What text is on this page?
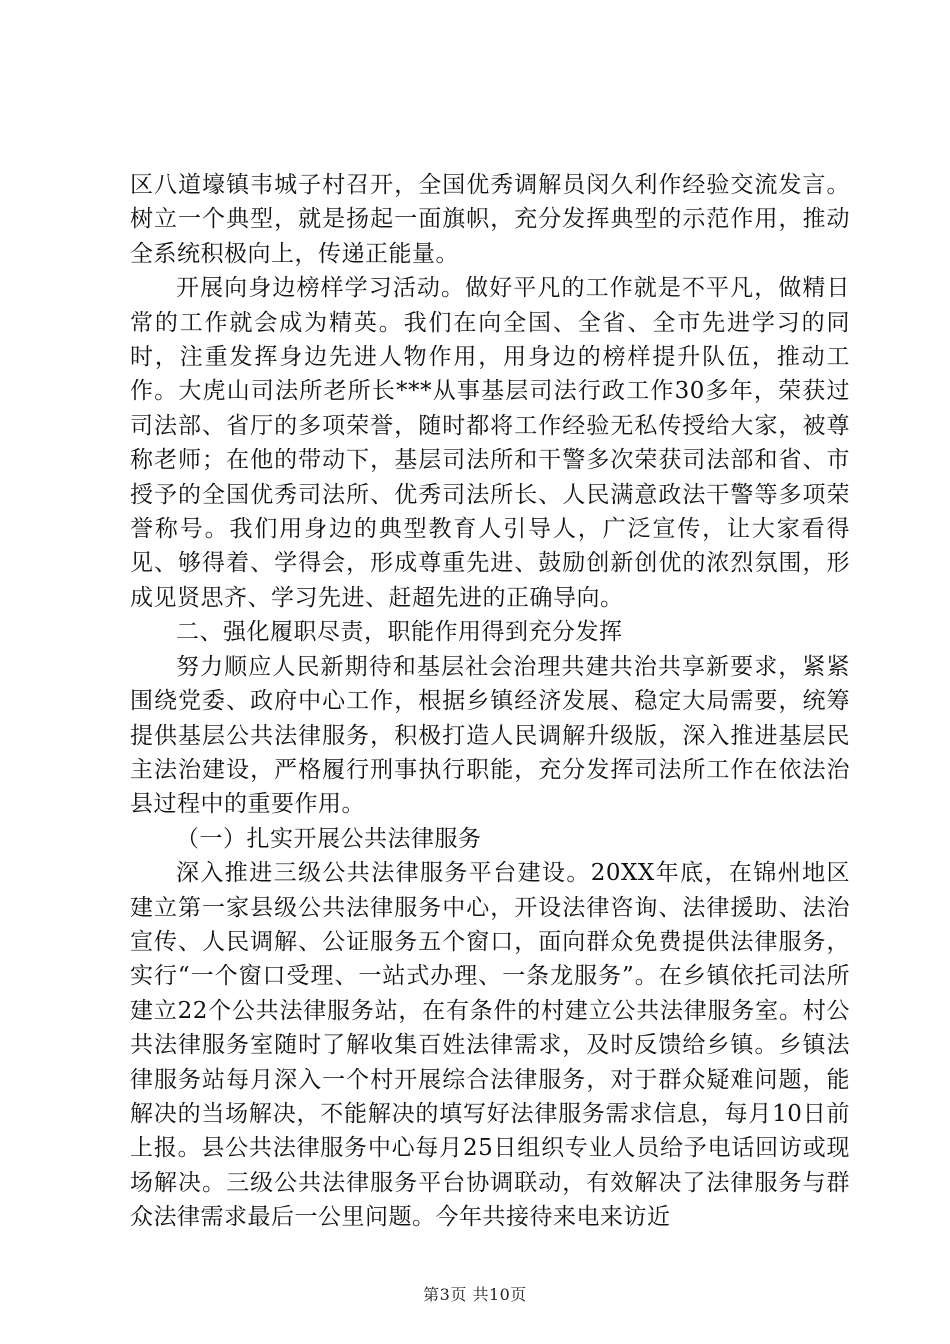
区八道壕镇韦城子村召开，全国优秀调解员闵久利作经验交流发言。树立一个典型，就是扬起一面旗帜，充分发挥典型的示范作用，推动全系统积极向上，传递正能量。

开展向身边榜样学习活动。做好平凡的工作就是不平凡，做精日常的工作就会成为精英。我们在向全国、全省、全市先进学习的同时，注重发挥身边先进人物作用，用身边的榜样提升队伍，推动工作。大虎山司法所老所长***从事基层司法行政工作30多年，荣获过司法部、省厅的多项荣誉，随时都将工作经验无私传授给大家，被尊称老师；在他的带动下，基层司法所和干警多次荣获司法部和省、市授予的全国优秀司法所、优秀司法所长、人民满意政法干警等多项荣誉称号。我们用身边的典型教育人引导人，广泛宣传，让大家看得见、够得着、学得会，形成尊重先进、鼓励创新创优的浓烈氛围，形成见贤思齐、学习先进、赶超先进的正确导向。

二、强化履职尽责，职能作用得到充分发挥

努力顺应人民新期待和基层社会治理共建共治共享新要求，紧紧围绕党委、政府中心工作，根据乡镇经济发展、稳定大局需要，统筹提供基层公共法律服务，积极打造人民调解升级版，深入推进基层民主法治建设，严格履行刑事执行职能，充分发挥司法所工作在依法治县过程中的重要作用。

（一）扎实开展公共法律服务

深入推进三级公共法律服务平台建设。20XX年底，在锦州地区建立第一家县级公共法律服务中心，开设法律咨询、法律援助、法治宣传、人民调解、公证服务五个窗口，面向群众免费提供法律服务，实行“一个窗口受理、一站式办理、一条龙服务”。在乡镇依托司法所建立22个公共法律服务站，在有条件的村建立公共法律服务室。村公共法律服务室随时了解收集百姓法律需求，及时反馈给乡镇。乡镇法律服务站每月深入一个村开展综合法律服务，对于群众疑难问题，能解决的当场解决，不能解决的填写好法律服务需求信息，每月10日前上报。县公共法律服务中心每月25日组织专业人员给予电话回访或现场解决。三级公共法律服务平台协调联动，有效解决了法律服务与群众法律需求最后一公里问题。今年共接待来电来访近

第3页 共10页
